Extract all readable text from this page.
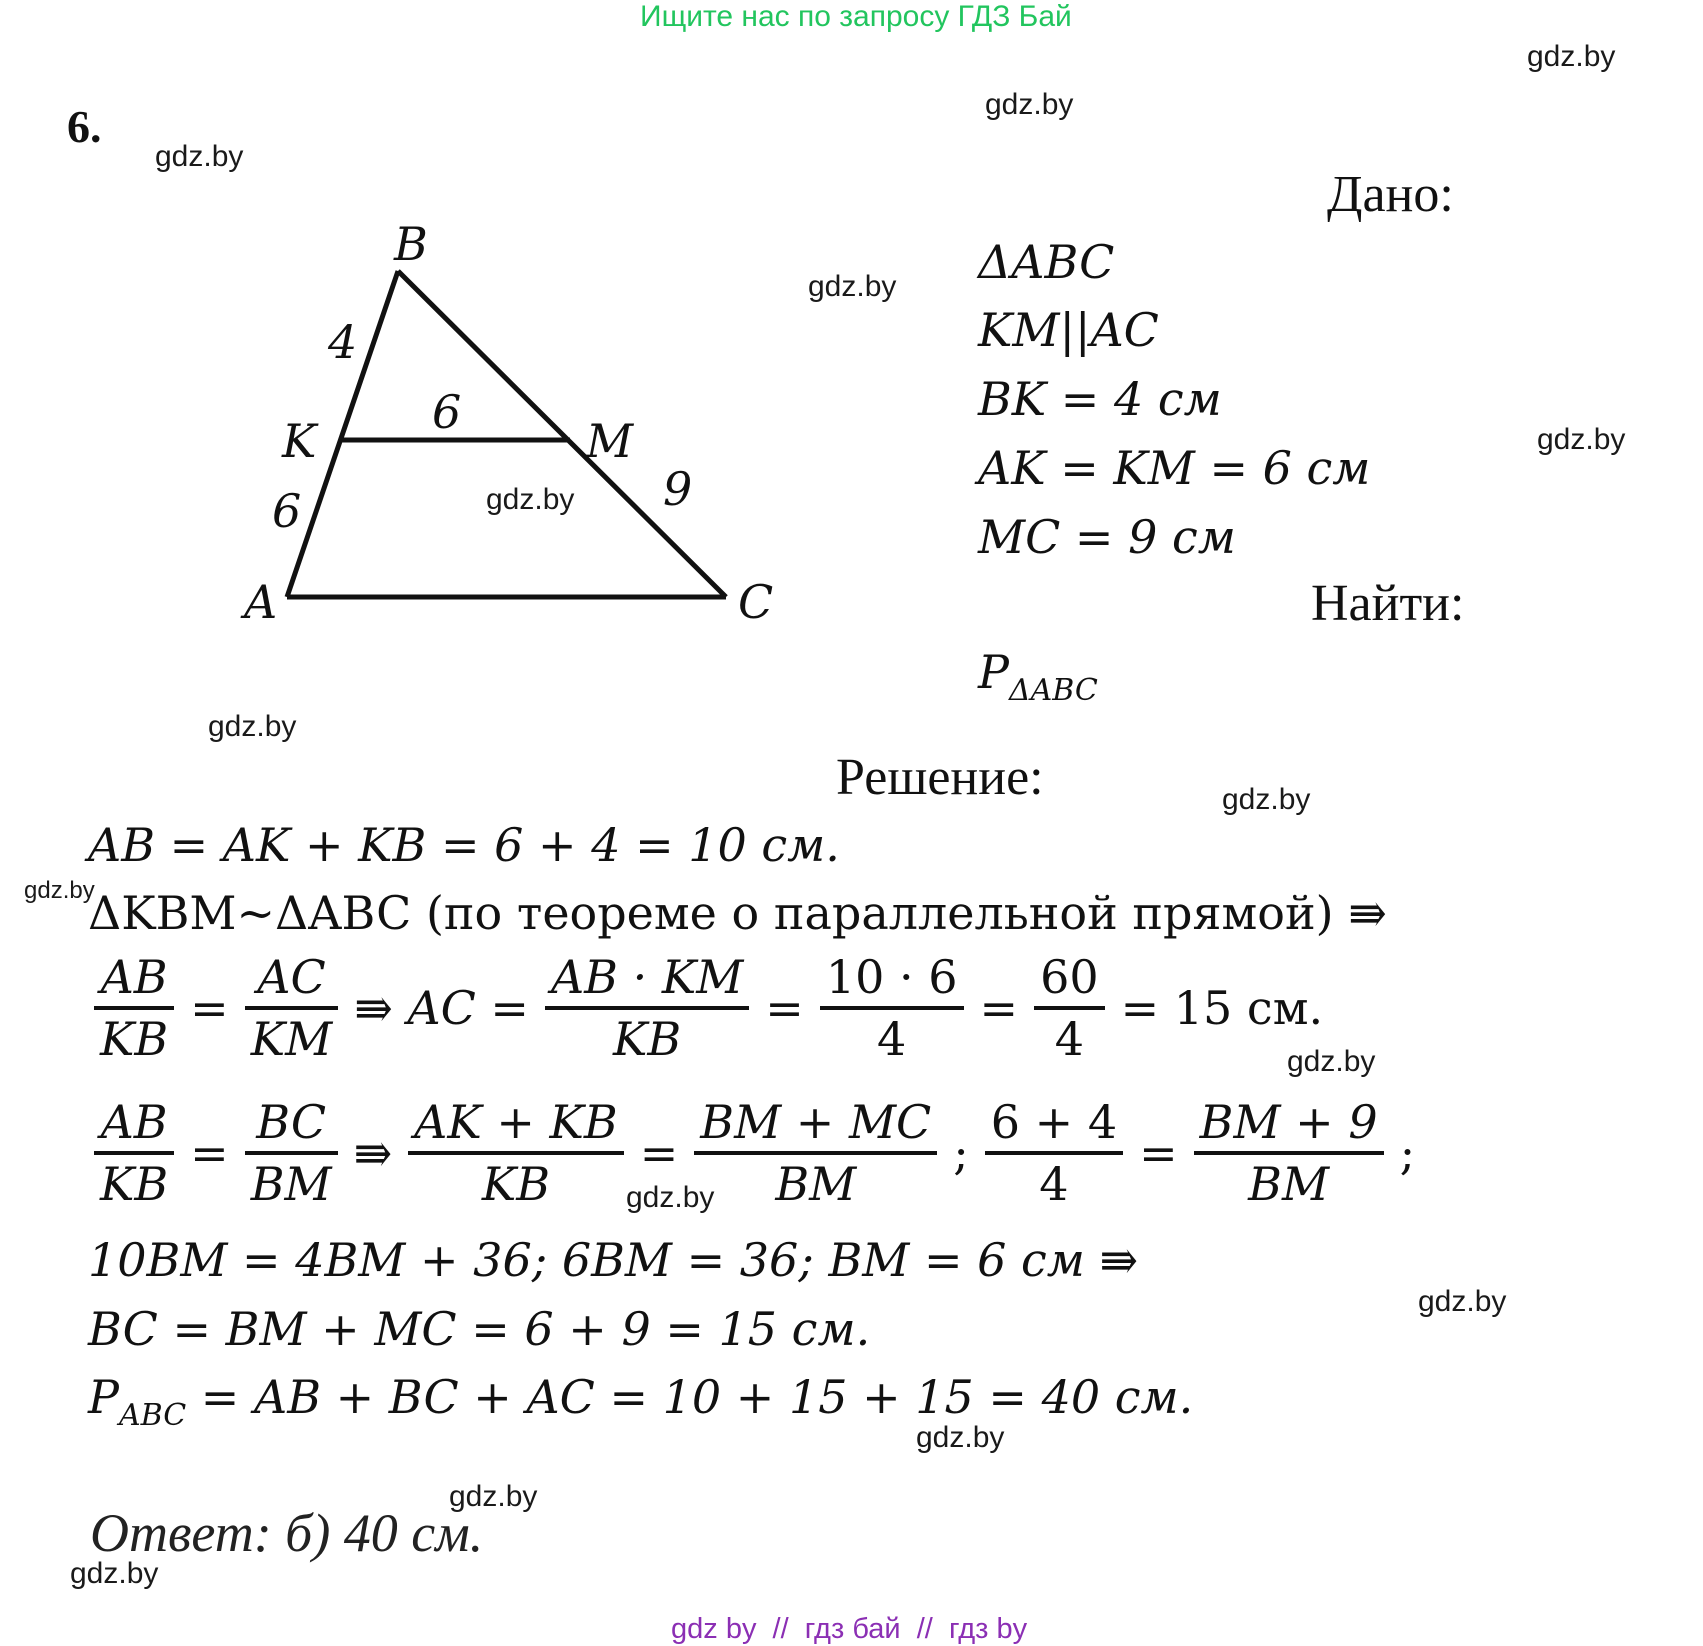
Ищите нас по запросу ГДЗ Бай
gdz.by
gdz.by
gdz.by
gdz.by
gdz.by
gdz.by
gdz.by
gdz.by
gdz.by
gdz.by
gdz.by
gdz.by
gdz.by
gdz.by
gdz.by
6.
B
K	M
A	C
4
6
6	9
Дано:
ΔABC
KM||AC
BK = 4 см
AK = KM = 6 см
MC = 9 см
Найти:
$P_{\Delta ABC}$
Решение:
AB = AK + KB = 6 + 4 = 10 см.
ΔKBM~ΔABC (по теореме о параллельной прямой) ⇛
$\frac{AB}{KB} = \frac{AC}{KM}$ ⇛ AC = $\frac{AB \cdot KM}{KB} = \frac{10 \cdot 6}{4} = \frac{60}{4} = 15$ см.
$\frac{AB}{KB} = \frac{BC}{BM}$ ⇛ $\frac{AK + KB}{KB} = \frac{BM + MC}{BM}$ ; $\frac{6 + 4}{4} = \frac{BM + 9}{BM}$ ;
10BM = 4BM + 36; 6BM = 36; BM = 6 см ⇛
BC = BM + MC = 6 + 9 = 15 см.
$P_{ABC}$ = AB + BC + AC = 10 + 15 + 15 = 40 см.
Ответ: б) 40 см.
gdz by  //  гдз бай  //  гдз by
